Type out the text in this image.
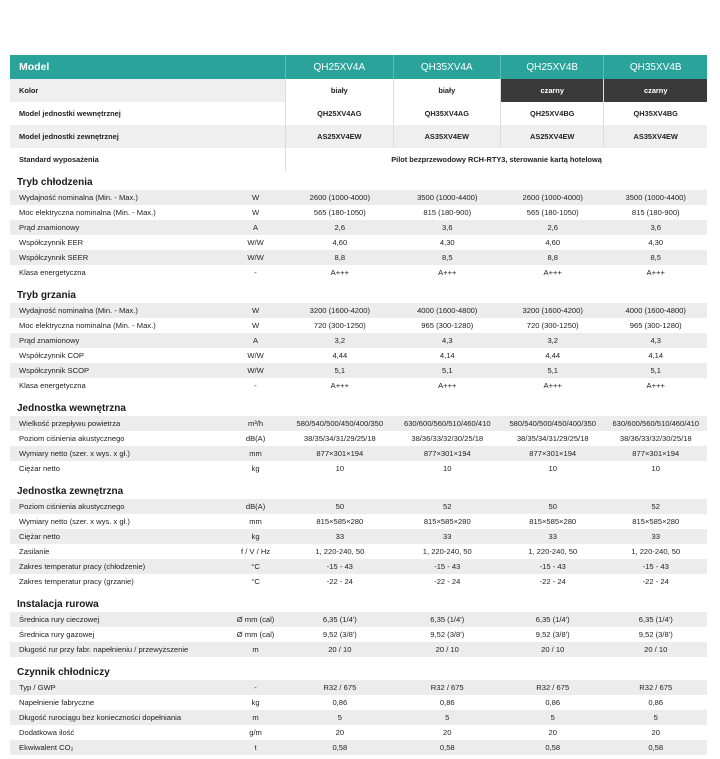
Model	QH25XV4A	QH35XV4A	QH25XV4B	QH35XV4B
Kolor	biały	biały	czarny	czarny
Model jednostki wewnętrznej	QH25XV4AG	QH35XV4AG	QH25XV4BG	QH35XV4BG
Model jednostki zewnętrznej	AS25XV4EW	AS35XV4EW	AS25XV4EW	AS35XV4EW
Standard wyposażenia	Pilot bezprzewodowy RCH-RTY3, sterowanie kartą hotelową
Tryb chłodzenia
Wydajność nominalna (Min. - Max.)	W	2600 (1000-4000)	3500 (1000-4400)	2600 (1000-4000)	3500 (1000-4400)
Moc elektryczna nominalna (Min. - Max.)	W	565 (180-1050)	815 (180-900)	565 (180-1050)	815 (180-900)
Prąd znamionowy	A	2,6	3,6	2,6	3,6
Współczynnik EER	W/W	4,60	4,30	4,60	4,30
Współczynnik SEER	W/W	8,8	8,5	8,8	8,5
Klasa energetyczna	-	A+++	A+++	A+++	A+++
Tryb grzania
Wydajność nominalna (Min. - Max.)	W	3200 (1600-4200)	4000 (1600-4800)	3200 (1600-4200)	4000 (1600-4800)
Moc elektryczna nominalna (Min. - Max.)	W	720 (300-1250)	965 (300-1280)	720 (300-1250)	965 (300-1280)
Prąd znamionowy	A	3,2	4,3	3,2	4,3
Współczynnik COP	W/W	4,44	4,14	4,44	4,14
Współczynnik SCOP	W/W	5,1	5,1	5,1	5,1
Klasa energetyczna	-	A+++	A+++	A+++	A+++
Jednostka wewnętrzna
Wielkość przepływu powietrza	m³/h	580/540/500/450/400/350	630/600/560/510/460/410	580/540/500/450/400/350	630/600/560/510/460/410
Poziom ciśnienia akustycznego	dB(A)	38/35/34/31/29/25/18	38/36/33/32/30/25/18	38/35/34/31/29/25/18	38/36/33/32/30/25/18
Wymiary netto (szer. x wys. x gł.)	mm	877×301×194	877×301×194	877×301×194	877×301×194
Ciężar netto	kg	10	10	10	10
Jednostka zewnętrzna
Poziom ciśnienia akustycznego	dB(A)	50	52	50	52
Wymiary netto (szer. x wys. x gł.)	mm	815×585×280	815×585×280	815×585×280	815×585×280
Ciężar netto	kg	33	33	33	33
Zasilanie	f / V / Hz	1, 220-240, 50	1, 220-240, 50	1, 220-240, 50	1, 220-240, 50
Zakres temperatur pracy (chłodzenie)	°C	-15 - 43	-15 - 43	-15 - 43	-15 - 43
Zakres temperatur pracy (grzanie)	°C	-22 - 24	-22 - 24	-22 - 24	-22 - 24
Instalacja rurowa
Średnica rury cieczowej	Ø mm (cal)	6,35 (1/4')	6,35 (1/4')	6,35 (1/4')	6,35 (1/4')
Średnica rury gazowej	Ø mm (cal)	9,52 (3/8')	9,52 (3/8')	9,52 (3/8')	9,52 (3/8')
Długość rur przy fabr. napełnieniu / przewyższenie	m	20 / 10	20 / 10	20 / 10	20 / 10
Czynnik chłodniczy
Typ / GWP	-	R32 / 675	R32 / 675	R32 / 675	R32 / 675
Napełnienie fabryczne	kg	0,86	0,86	0,86	0,86
Długość rurociągu bez konieczności dopełniania	m	5	5	5	5
Dodatkowa ilość	g/m	20	20	20	20
Ekwiwalent CO₂	t	0,58	0,58	0,58	0,58
